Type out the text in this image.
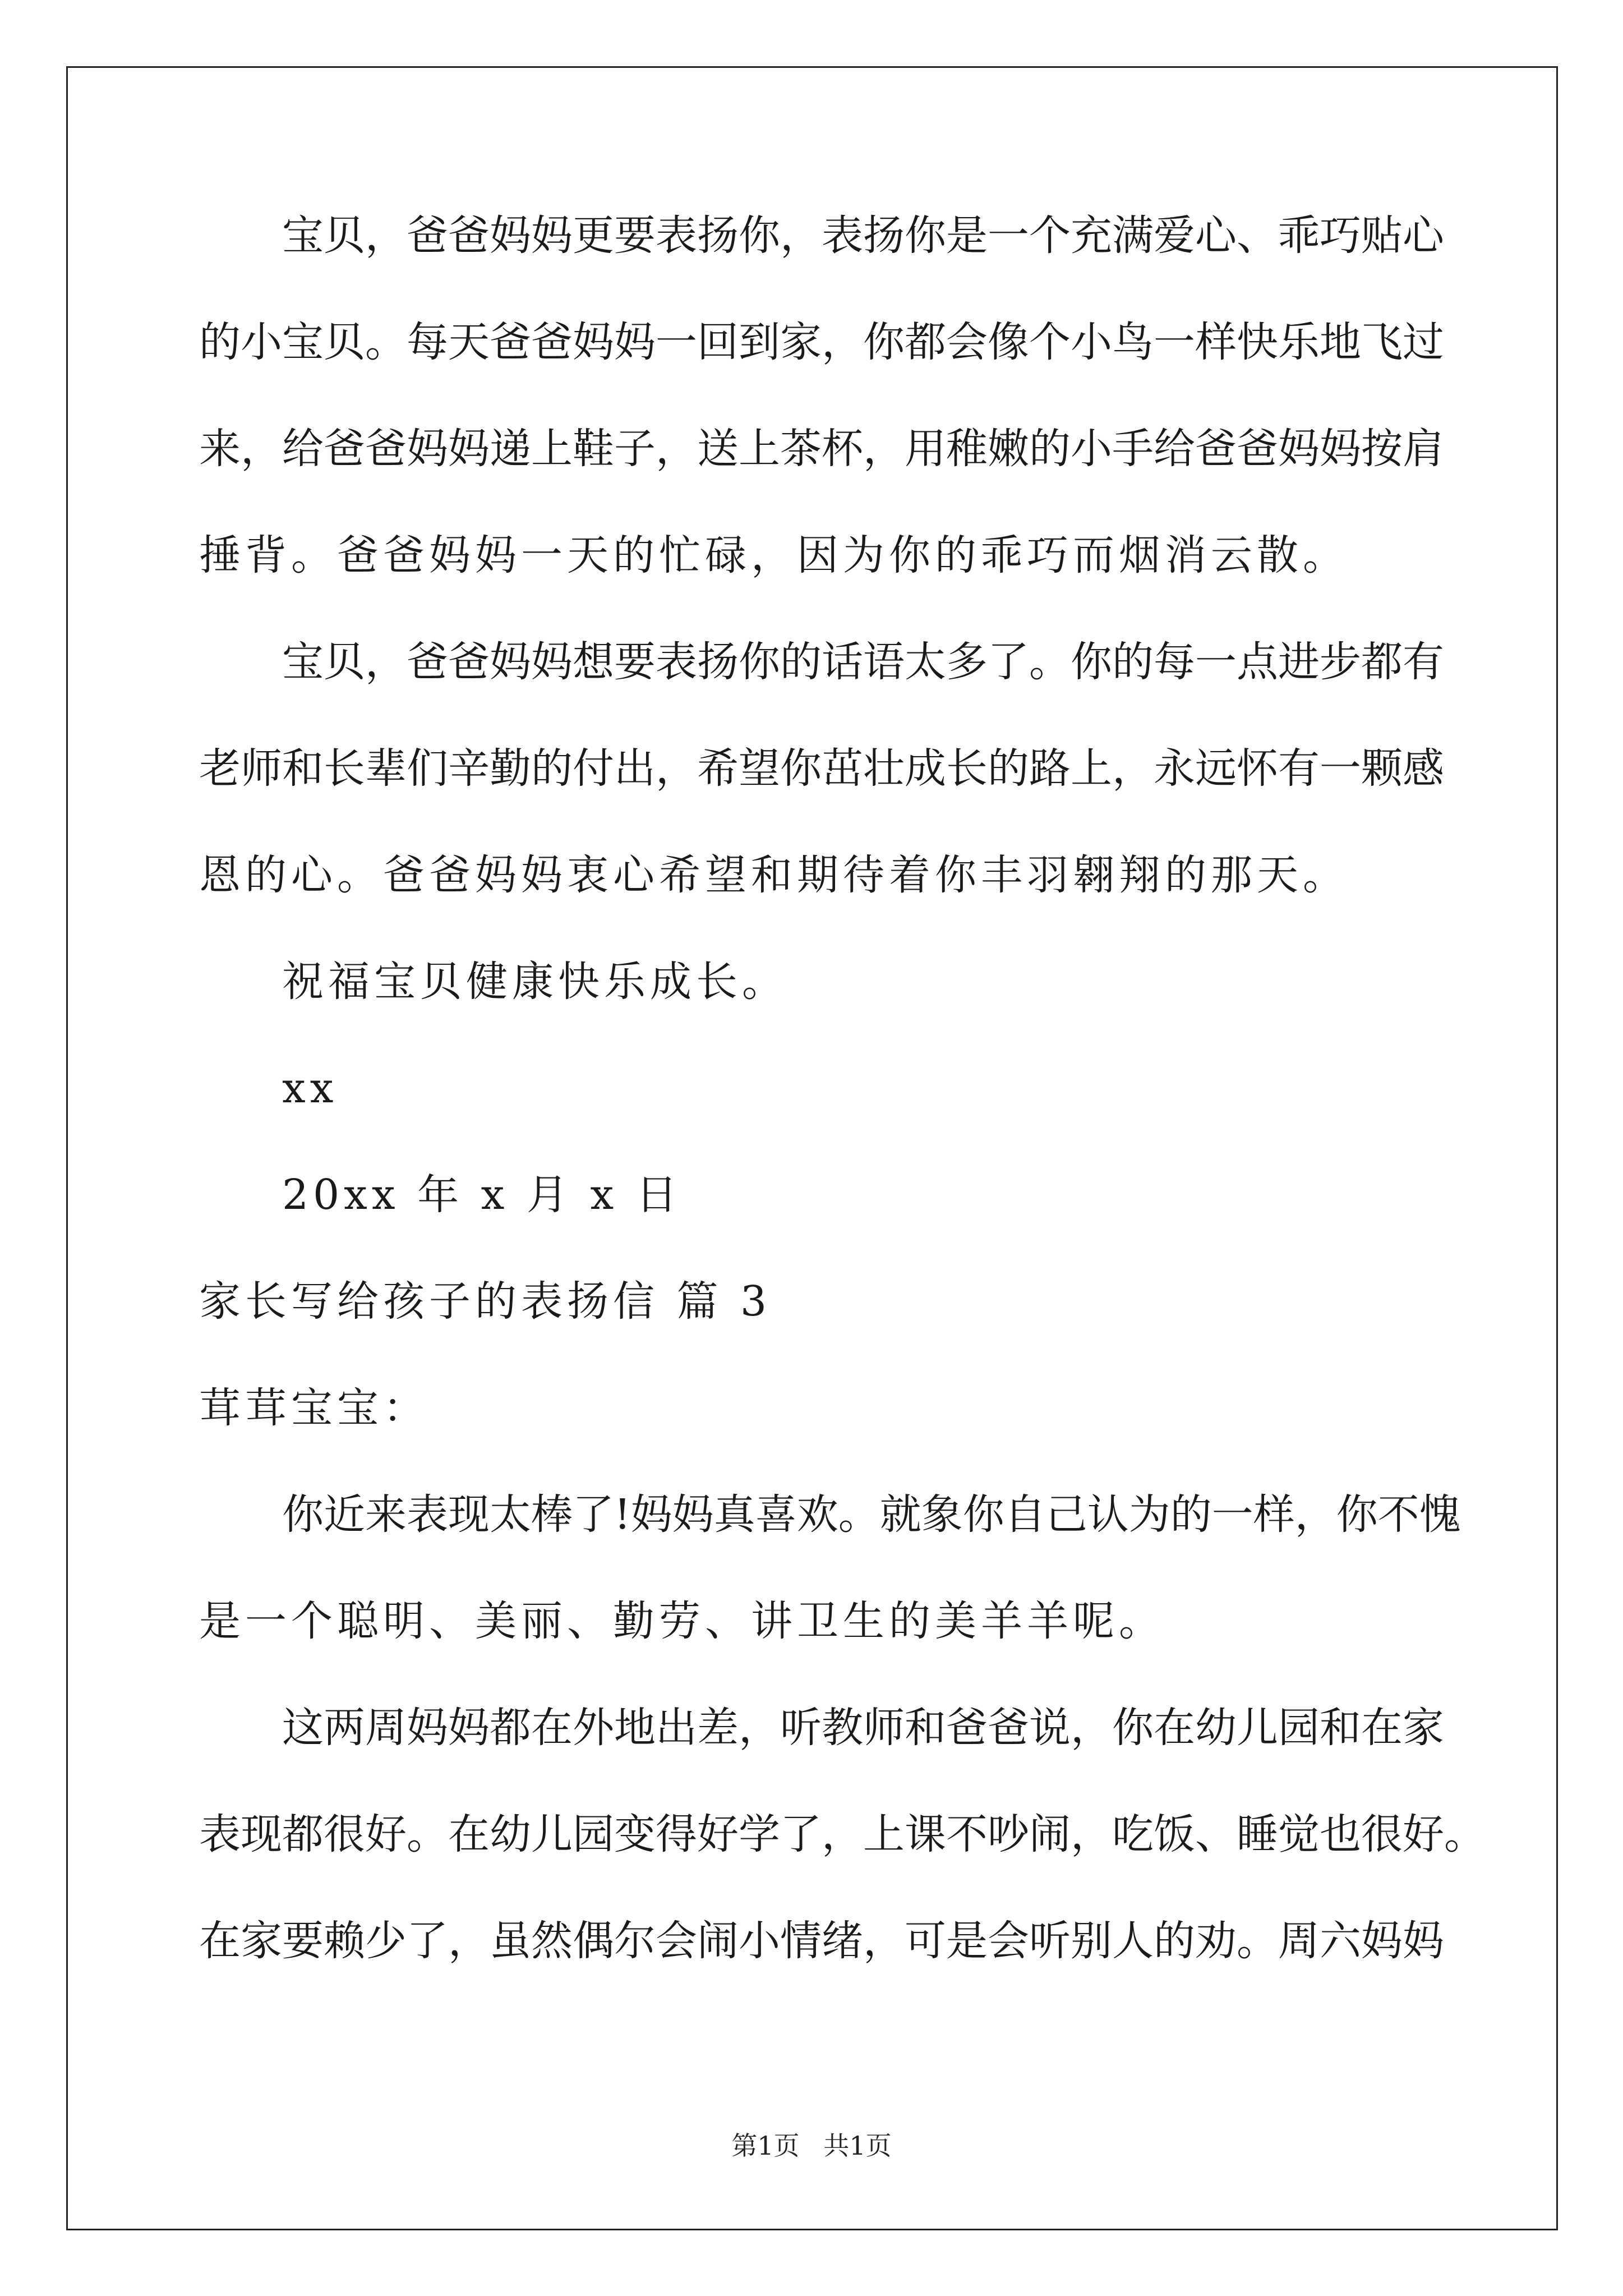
宝贝，爸爸妈妈更要表扬你，表扬你是一个充满爱心、乖巧贴心
的小宝贝。每天爸爸妈妈一回到家，你都会像个小鸟一样快乐地飞过
来，给爸爸妈妈递上鞋子，送上茶杯，用稚嫩的小手给爸爸妈妈按肩
捶背。爸爸妈妈一天的忙碌，因为你的乖巧而烟消云散。
宝贝，爸爸妈妈想要表扬你的话语太多了。你的每一点进步都有
老师和长辈们辛勤的付出，希望你茁壮成长的路上，永远怀有一颗感
恩的心。爸爸妈妈衷心希望和期待着你丰羽翱翔的那天。
祝福宝贝健康快乐成长。
xx
20xx 年 x 月 x 日
家长写给孩子的表扬信 篇 3
茸茸宝宝：
你近来表现太棒了!妈妈真喜欢。就象你自己认为的一样，你不愧
是一个聪明、美丽、勤劳、讲卫生的美羊羊呢。
这两周妈妈都在外地出差，听教师和爸爸说，你在幼儿园和在家
表现都很好。在幼儿园变得好学了，上课不吵闹，吃饭、睡觉也很好。
在家要赖少了，虽然偶尔会闹小情绪，可是会听别人的劝。周六妈妈
第1页 共1页
